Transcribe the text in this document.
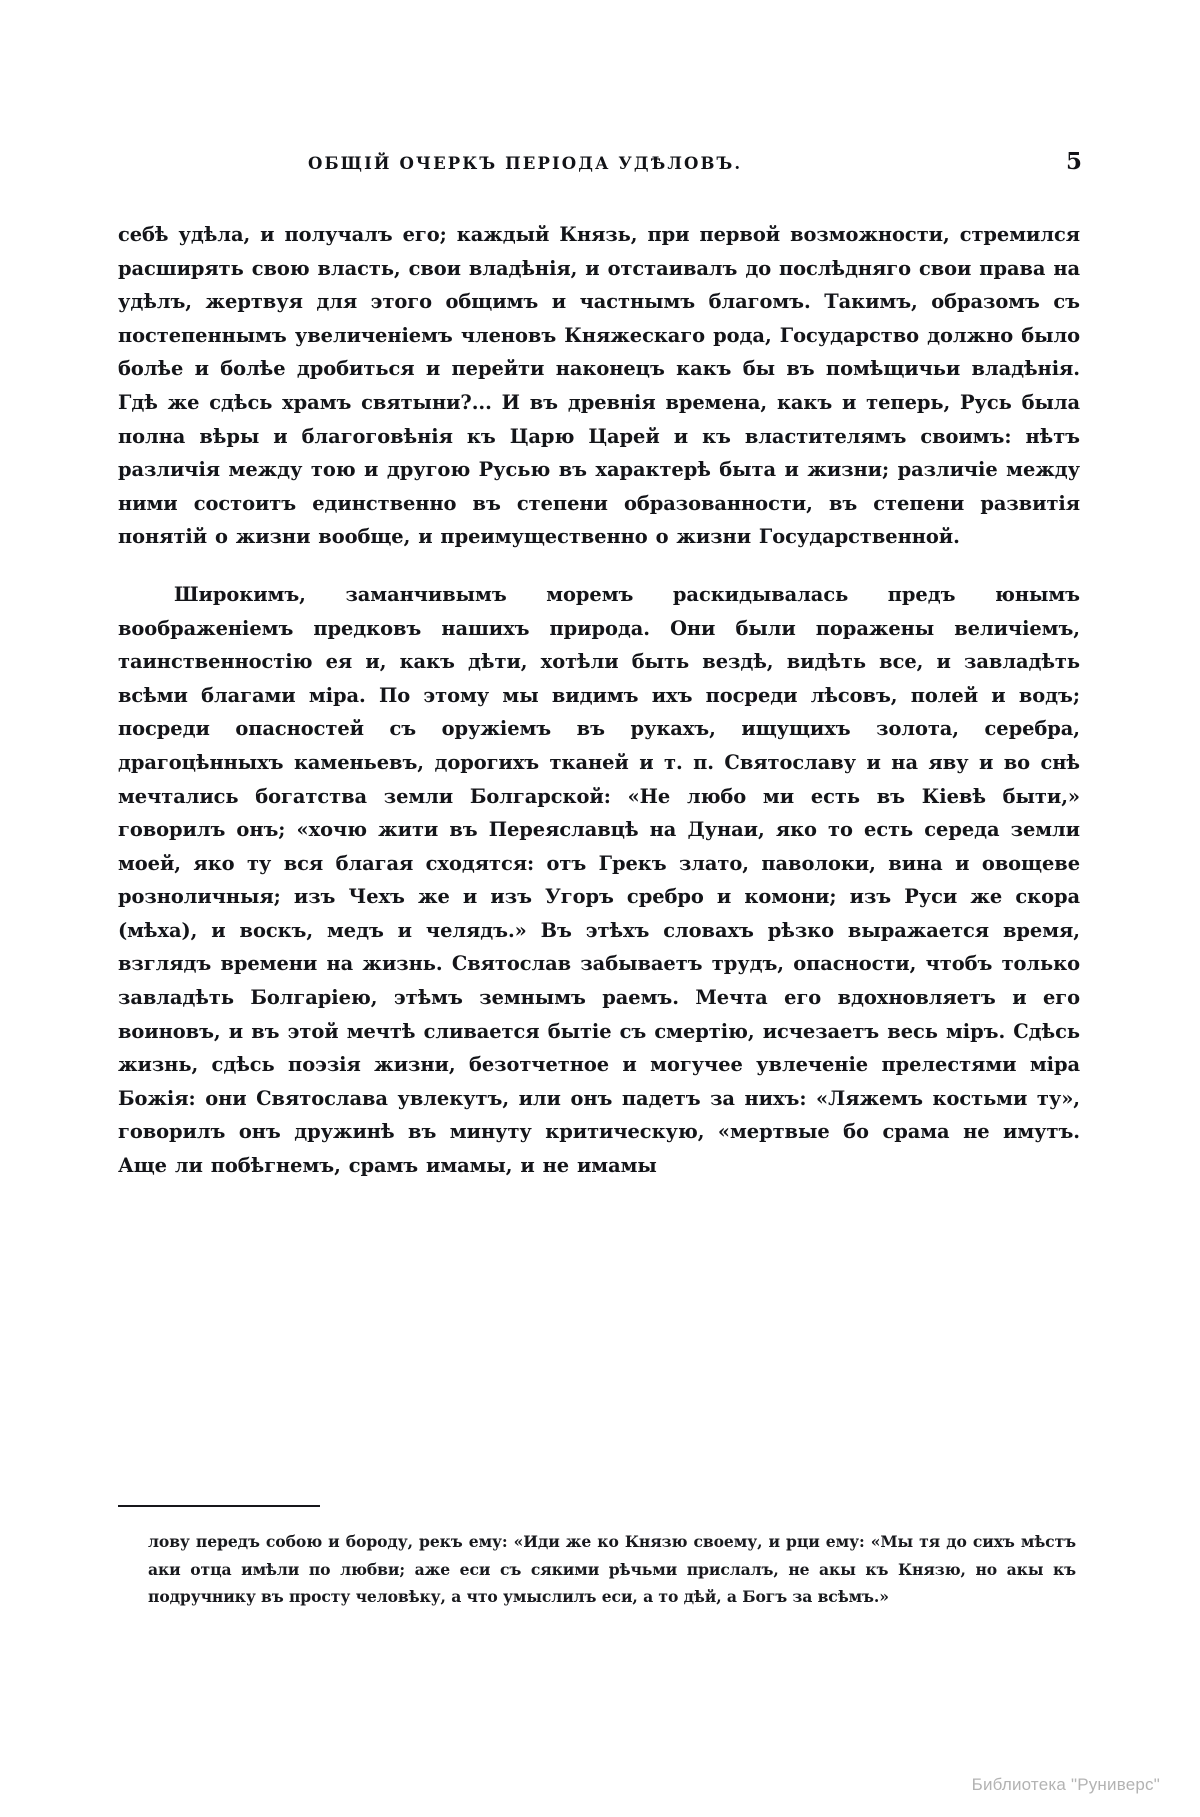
ОБЩІЙ ОЧЕРКЪ ПЕРІОДА УДѢЛОВЪ.	5

себѣ удѣла, и получалъ его; каждый Князь, при первой возможности, стремился расширять свою власть, свои владѣнія, и отстаивалъ до послѣдняго свои права на удѣлъ, жертвуя для этого общимъ и частнымъ благомъ. Такимъ, образомъ съ постепеннымъ увеличеніемъ членовъ Княжескаго рода, Государство должно было болѣе и болѣе дробиться и перейти наконецъ какъ бы въ помѣщичьи владѣнія. Гдѣ же сдѣсь храмъ святыни?... И въ древнія времена, какъ и теперь, Русь была полна вѣры и благоговѣнія къ Царю Царей и къ властителямъ своимъ: нѣтъ различія между тою и другою Русью въ характерѣ быта и жизни; различіе между ними состоитъ единственно въ степени образованности, въ степени развитія понятій о жизни вообще, и преимущественно о жизни Государственной.

Широкимъ, заманчивымъ моремъ раскидывалась предъ юнымъ воображеніемъ предковъ нашихъ природа. Они были поражены величіемъ, таинственностію ея и, какъ дѣти, хотѣли быть вездѣ, видѣть все, и завладѣть всѣми благами міра. По этому мы видимъ ихъ посреди лѣсовъ, полей и водъ; посреди опасностей съ оружіемъ въ рукахъ, ищущихъ золота, серебра, драгоцѣнныхъ каменьевъ, дорогихъ тканей и т. п. Святославу и на яву и во снѣ мечтались богатства земли Болгарской: «Не любо ми есть въ Кіевѣ быти,» говорилъ онъ; «хочю жити въ Переяславцѣ на Дунаи, яко то есть середа земли моей, яко ту вся благая сходятся: отъ Грекъ злато, паволоки, вина и овощеве розноличныя; изъ Чехъ же и изъ Угоръ сребро и комони; изъ Руси же скора (мѣха), и воскъ, медъ и челядъ.» Въ этѣхъ словахъ рѣзко выражается время, взглядъ времени на жизнь. Святослав забываетъ трудъ, опасности, чтобъ только завладѣть Болгаріею, этѣмъ земнымъ раемъ. Мечта его вдохновляетъ и его воиновъ, и въ этой мечтѣ сливается бытіе съ смертію, исчезаетъ весь міръ. Сдѣсь жизнь, сдѣсь поэзія жизни, безотчетное и могучее увлеченіе прелестями міра Божія: они Святослава увлекутъ, или онъ падетъ за нихъ: «Ляжемъ костьми ту», говорилъ онъ дружинѣ въ минуту критическую, «мертвые бо срама не имутъ. Аще ли побѣгнемъ, срамъ имамы, и не имамы

лову передъ собою и бороду, рекъ ему: «Иди же ко Князю своему, и рци ему: «Мы тя до сихъ мѣстъ аки отца имѣли по любви; аже еси съ сякими рѣчьми прислалъ, не акы къ Князю, но акы къ подручнику въ просту человѣку, а что умыслилъ еси, а то дѣй, а Богъ за всѣмъ.»

Библиотека "Руниверс"
